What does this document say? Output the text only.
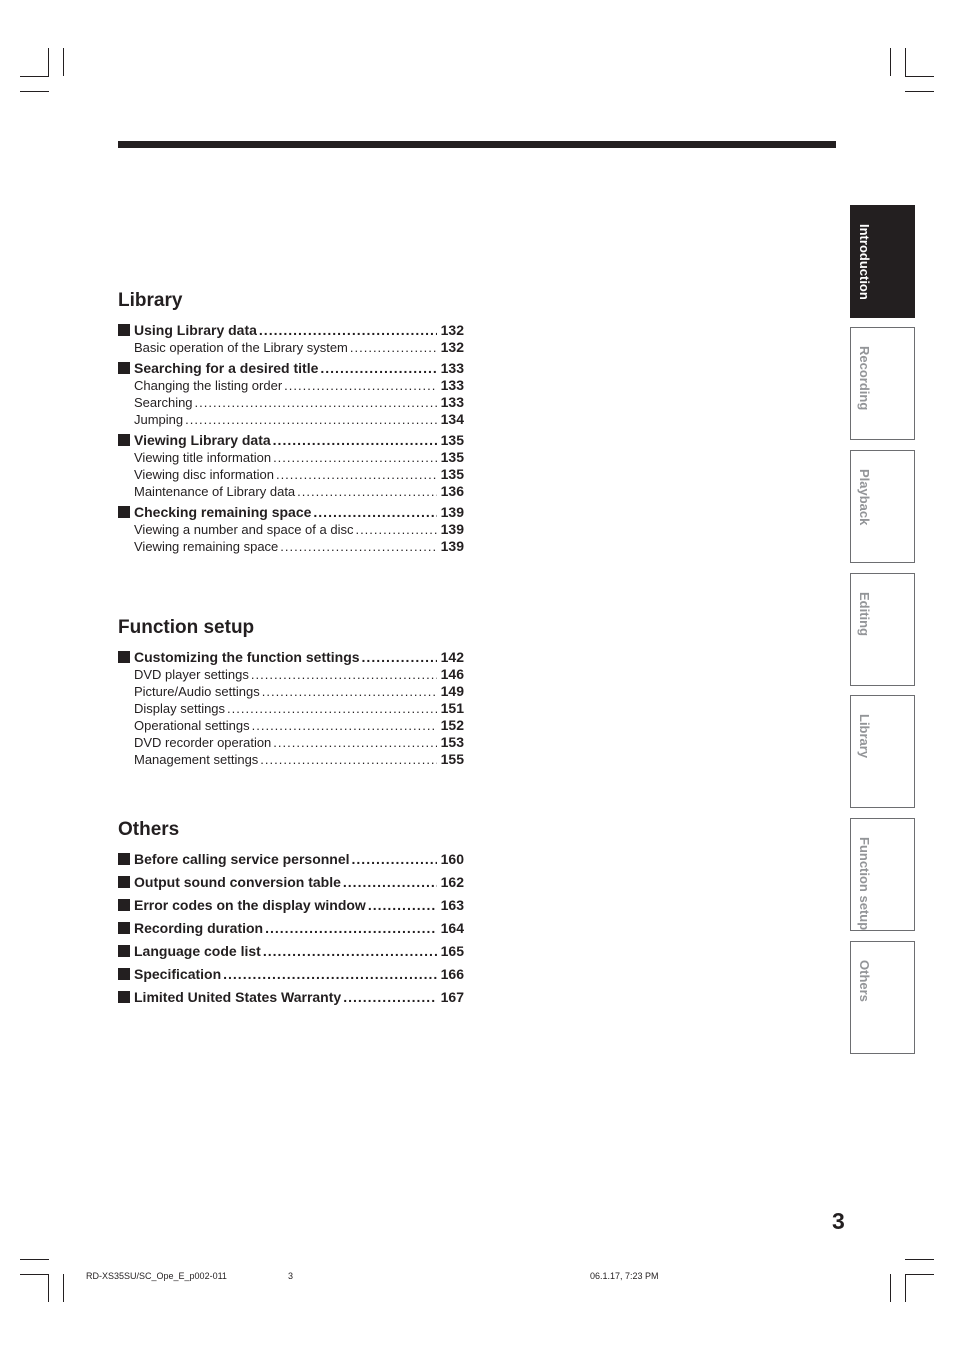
Library
Using Library data .....	132
Basic operation of the Library system .....	132
Searching for a desired title .....	133
Changing the listing order .....	133
Searching .....	133
Jumping .....	134
Viewing Library data .....	135
Viewing title information .....	135
Viewing disc information .....	135
Maintenance of Library data .....	136
Checking remaining space .....	139
Viewing a number and space of a disc .....	139
Viewing remaining space .....	139
Function setup
Customizing the function settings .....	142
DVD player settings .....	146
Picture/Audio settings .....	149
Display settings .....	151
Operational settings .....	152
DVD recorder operation .....	153
Management settings .....	155
Others
Before calling service personnel .....	160
Output sound conversion table .....	162
Error codes on the display window .....	163
Recording duration .....	164
Language code list .....	165
Specification .....	166
Limited United States Warranty .....	167
Introduction
Recording
Playback
Editing
Library
Function setup
Others
3
RD-XS35SU/SC_Ope_E_p002-011	3	06.1.17, 7:23 PM
